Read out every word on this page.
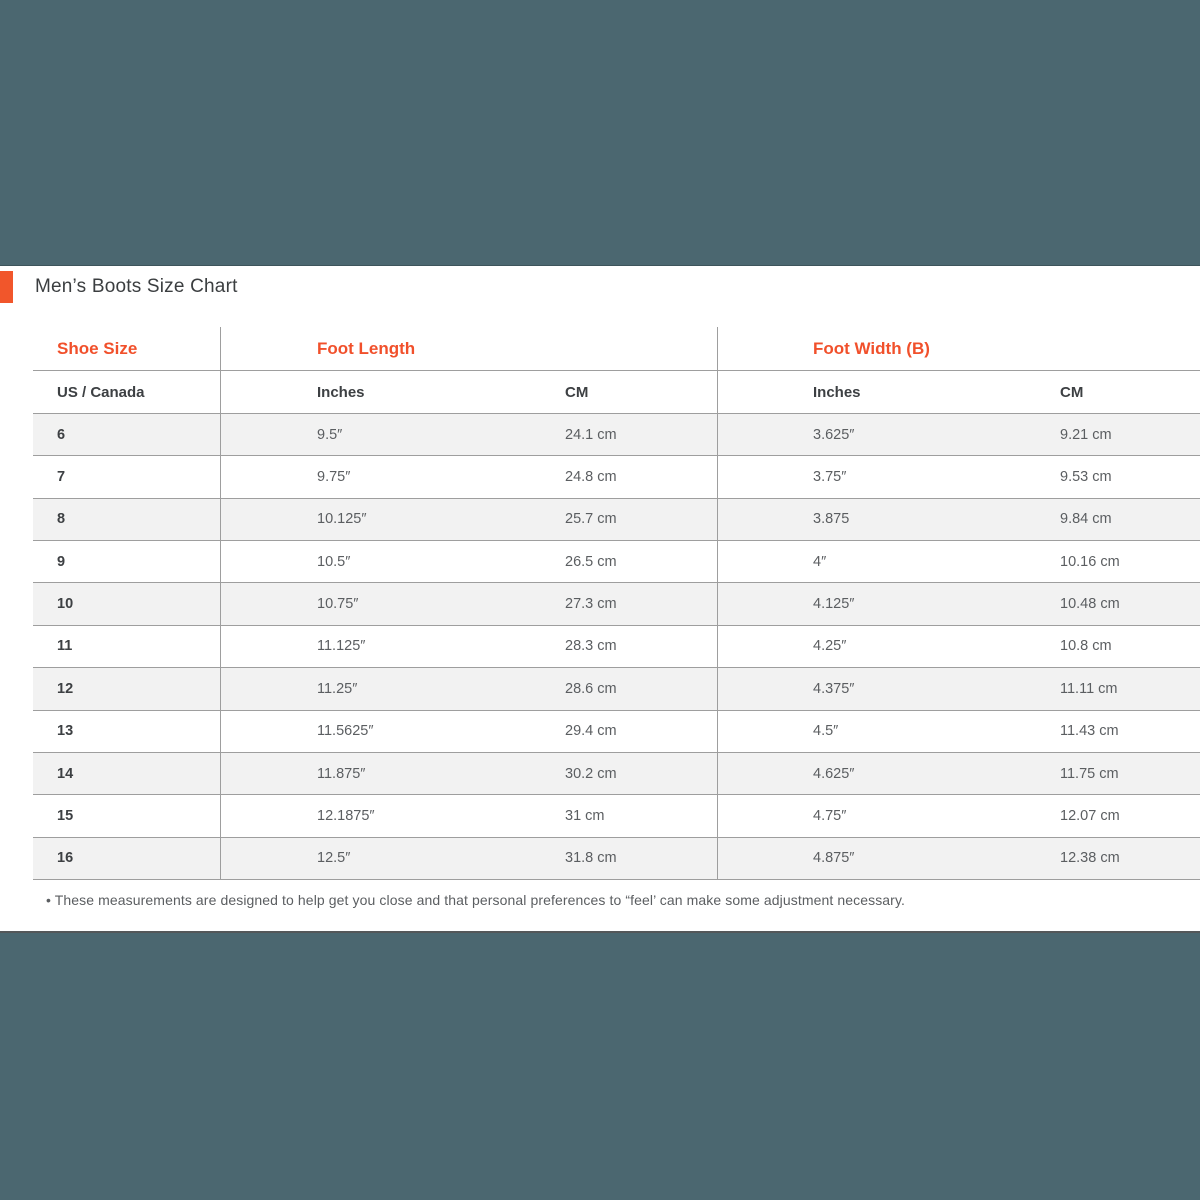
Men’s Boots Size Chart
Shoe Size	Foot Length	Foot Width (B)
US / Canada	Inches	CM	Inches	CM
6	9.5″	24.1 cm	3.625″	9.21 cm
7	9.75″	24.8 cm	3.75″	9.53 cm
8	10.125″	25.7 cm	3.875	9.84 cm
9	10.5″	26.5 cm	4″	10.16 cm
10	10.75″	27.3 cm	4.125″	10.48 cm
11	11.125″	28.3 cm	4.25″	10.8 cm
12	11.25″	28.6 cm	4.375″	11.11 cm
13	11.5625″	29.4 cm	4.5″	11.43 cm
14	11.875″	30.2 cm	4.625″	11.75 cm
15	12.1875″	31 cm	4.75″	12.07 cm
16	12.5″	31.8 cm	4.875″	12.38 cm
• These measurements are designed to help get you close and that personal preferences to “feel’ can make some adjustment necessary.
